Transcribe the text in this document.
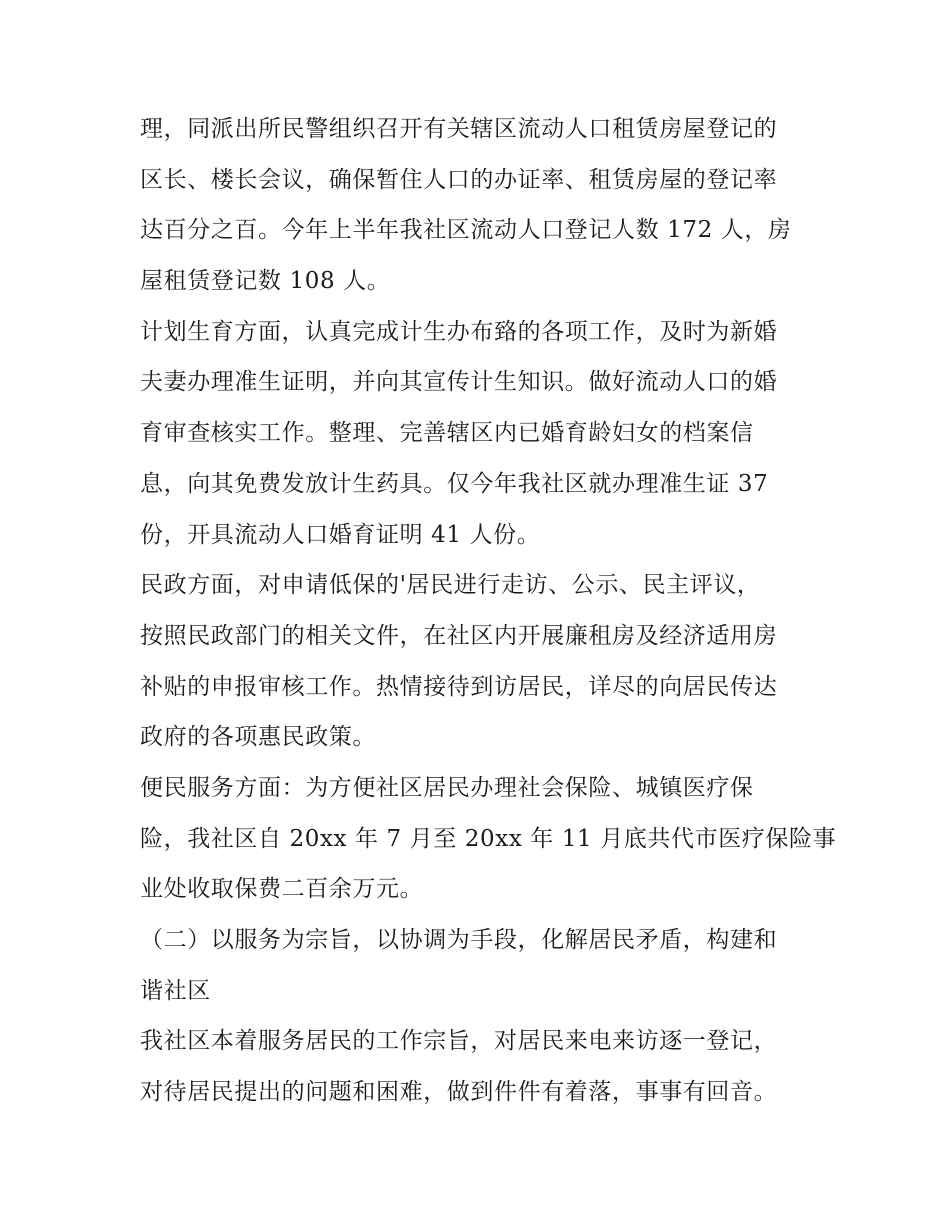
理，同派出所民警组织召开有关辖区流动人口租赁房屋登记的
区长、楼长会议，确保暂住人口的办证率、租赁房屋的登记率
达百分之百。今年上半年我社区流动人口登记人数 172 人，房
屋租赁登记数 108 人。
计划生育方面，认真完成计生办布臵的各项工作，及时为新婚
夫妻办理准生证明，并向其宣传计生知识。做好流动人口的婚
育审查核实工作。整理、完善辖区内已婚育龄妇女的档案信
息，向其免费发放计生药具。仅今年我社区就办理准生证 37
份，开具流动人口婚育证明 41 人份。
民政方面，对申请低保的'居民进行走访、公示、民主评议，
按照民政部门的相关文件，在社区内开展廉租房及经济适用房
补贴的申报审核工作。热情接待到访居民，详尽的向居民传达
政府的各项惠民政策。
便民服务方面：为方便社区居民办理社会保险、城镇医疗保
险，我社区自 20xx 年 7 月至 20xx 年 11 月底共代市医疗保险事
业处收取保费二百余万元。
（二）以服务为宗旨，以协调为手段，化解居民矛盾，构建和
谐社区
我社区本着服务居民的工作宗旨，对居民来电来访逐一登记，
对待居民提出的问题和困难，做到件件有着落，事事有回音。
